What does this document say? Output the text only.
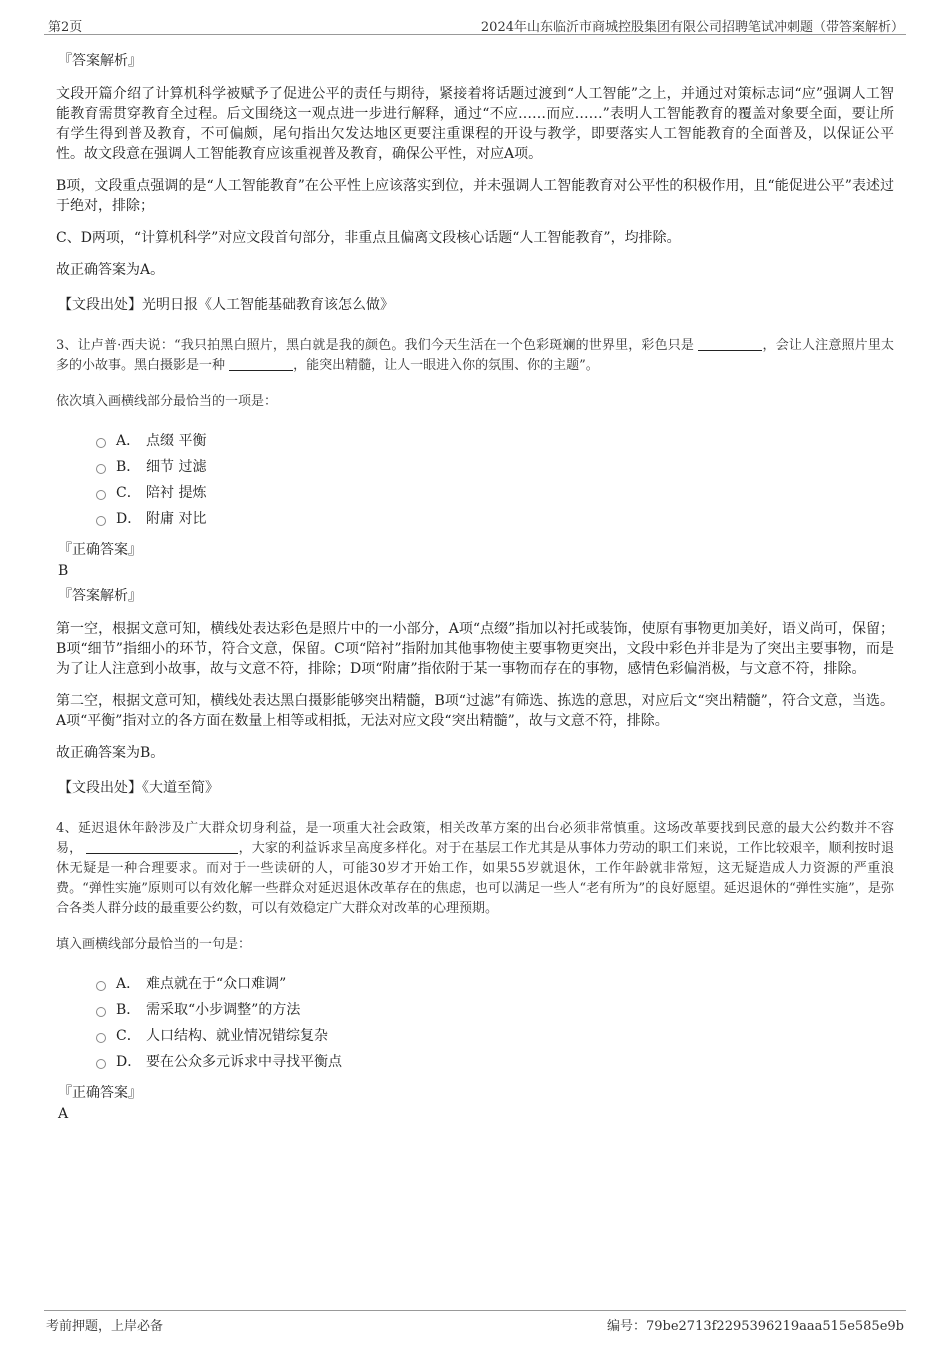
第2页	2024年山东临沂市商城控股集团有限公司招聘笔试冲刺题（带答案解析）
『答案解析』

文段开篇介绍了计算机科学被赋予了促进公平的责任与期待，紧接着将话题过渡到“人工智能”之上，并通过对策标志词“应”强调人工智能教育需贯穿教育全过程。后文围绕这一观点进一步进行解释，通过“不应……而应……”表明人工智能教育的覆盖对象要全面，要让所有学生得到普及教育，不可偏颇，尾句指出欠发达地区更要注重课程的开设与教学，即要落实人工智能教育的全面普及，以保证公平性。故文段意在强调人工智能教育应该重视普及教育，确保公平性，对应A项。

B项，文段重点强调的是“人工智能教育”在公平性上应该落实到位，并未强调人工智能教育对公平性的积极作用，且“能促进公平”表述过于绝对，排除；

C、D两项，“计算机科学”对应文段首句部分，非重点且偏离文段核心话题“人工智能教育”，均排除。

故正确答案为A。

【文段出处】光明日报《人工智能基础教育该怎么做》

3、让卢普·西夫说：“我只拍黑白照片，黑白就是我的颜色。我们今天生活在一个色彩斑斓的世界里，彩色只是	，会让人注意照片里太多的小故事。黑白摄影是一种	，能突出精髓，让人一眼进入你的氛围、你的主题”。

依次填入画横线部分最恰当的一项是：
A． 点缀 平衡
B． 细节 过滤
C． 陪衬 提炼
D． 附庸 对比
『正确答案』
B
『答案解析』

第一空，根据文意可知，横线处表达彩色是照片中的一小部分，A项“点缀”指加以衬托或装饰，使原有事物更加美好，语义尚可，保留；B项“细节”指细小的环节，符合文意，保留。C项“陪衬”指附加其他事物使主要事物更突出，文段中彩色并非是为了突出主要事物，而是为了让人注意到小故事，故与文意不符，排除；D项“附庸”指依附于某一事物而存在的事物，感情色彩偏消极，与文意不符，排除。

第二空，根据文意可知，横线处表达黑白摄影能够突出精髓，B项“过滤”有筛选、拣选的意思，对应后文“突出精髓”，符合文意，当选。A项“平衡”指对立的各方面在数量上相等或相抵，无法对应文段“突出精髓”，故与文意不符，排除。

故正确答案为B。

【文段出处】《大道至简》

4、延迟退休年龄涉及广大群众切身利益，是一项重大社会政策，相关改革方案的出台必须非常慎重。这场改革要找到民意的最大公约数并不容易，	，大家的利益诉求呈高度多样化。对于在基层工作尤其是从事体力劳动的职工们来说，工作比较艰辛，顺利按时退休无疑是一种合理要求。而对于一些读研的人，可能30岁才开始工作，如果55岁就退休，工作年龄就非常短，这无疑造成人力资源的严重浪费。“弹性实施”原则可以有效化解一些群众对延迟退休改革存在的焦虑，也可以满足一些人“老有所为”的良好愿望。延迟退休的“弹性实施”，是弥合各类人群分歧的最重要公约数，可以有效稳定广大群众对改革的心理预期。

填入画横线部分最恰当的一句是：
A． 难点就在于“众口难调”
B． 需采取“小步调整”的方法
C． 人口结构、就业情况错综复杂
D． 要在公众多元诉求中寻找平衡点
『正确答案』
A
考前押题，上岸必备	编号：79be2713f2295396219aaa515e585e9b
